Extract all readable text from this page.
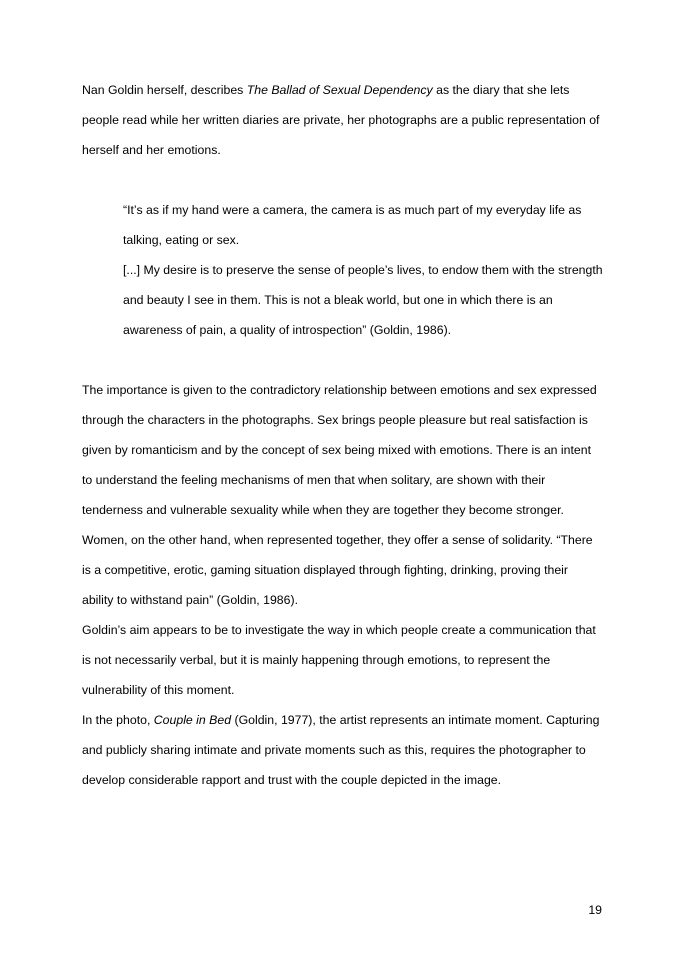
Nan Goldin herself, describes The Ballad of Sexual Dependency as the diary that she lets people read while her written diaries are private, her photographs are a public representation of herself and her emotions.

“It’s as if my hand were a camera, the camera is as much part of my everyday life as talking, eating or sex.

[...] My desire is to preserve the sense of people’s lives, to endow them with the strength and beauty I see in them. This is not a bleak world, but one in which there is an awareness of pain, a quality of introspection” (Goldin, 1986).

The importance is given to the contradictory relationship between emotions and sex expressed through the characters in the photographs. Sex brings people pleasure but real satisfaction is given by romanticism and by the concept of sex being mixed with emotions. There is an intent to understand the feeling mechanisms of men that when solitary, are shown with their tenderness and vulnerable sexuality while when they are together they become stronger.

Women, on the other hand, when represented together, they offer a sense of solidarity. “There is a competitive, erotic, gaming situation displayed through fighting, drinking, proving their ability to withstand pain” (Goldin, 1986).

Goldin’s aim appears to be to investigate the way in which people create a communication that is not necessarily verbal, but it is mainly happening through emotions, to represent the vulnerability of this moment.

In the photo, Couple in Bed (Goldin, 1977), the artist represents an intimate moment. Capturing and publicly sharing intimate and private moments such as this, requires the photographer to develop considerable rapport and trust with the couple depicted in the image.

19
